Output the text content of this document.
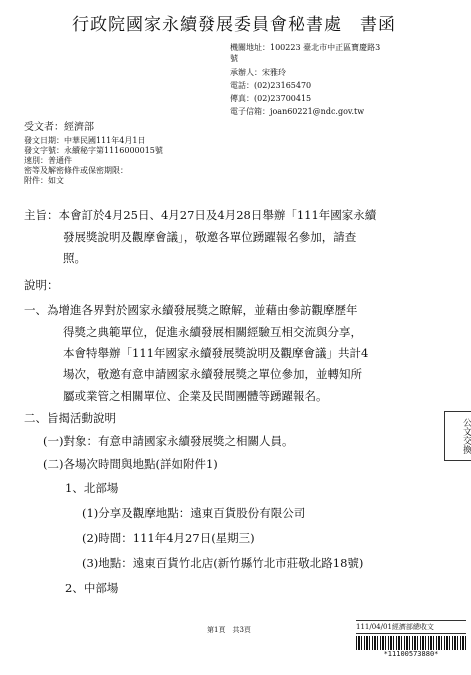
行政院國家永續發展委員會秘書處　書函
機關地址：100223 臺北市中正區寶慶路3
號
承辦人：宋雅玲
電話：(02)23165470
傳真：(02)23700415
電子信箱：joan60221@ndc.gov.tw
受文者：經濟部
發文日期：中華民國111年4月1日
發文字號：永續秘字第1116000015號
速別：普通件
密等及解密條件或保密期限：
附件：如文
主旨：本會訂於4月25日、4月27日及4月28日舉辦「111年國家永續
發展獎說明及觀摩會議」，敬邀各單位踴躍報名參加，請查
照。
說明：
一、為增進各界對於國家永續發展獎之瞭解，並藉由參訪觀摩歷年
得獎之典範單位，促進永續發展相關經驗互相交流與分享，
本會特舉辦「111年國家永續發展獎說明及觀摩會議」共計4
場次，敬邀有意申請國家永續發展獎之單位參加，並轉知所
屬或業管之相關單位、企業及民間團體等踴躍報名。
二、旨揭活動說明
(一)對象：有意申請國家永續發展獎之相關人員。
(二)各場次時間與地點(詳如附件1)
1、北部場
(1)分享及觀摩地點：遠東百貨股份有限公司
(2)時間：111年4月27日(星期三)
(3)地點：遠東百貨竹北店(新竹縣竹北市莊敬北路18號)
2、中部場
公文交換
第1頁　共3頁	111/04/01經濟部總收文
*11100573880*
